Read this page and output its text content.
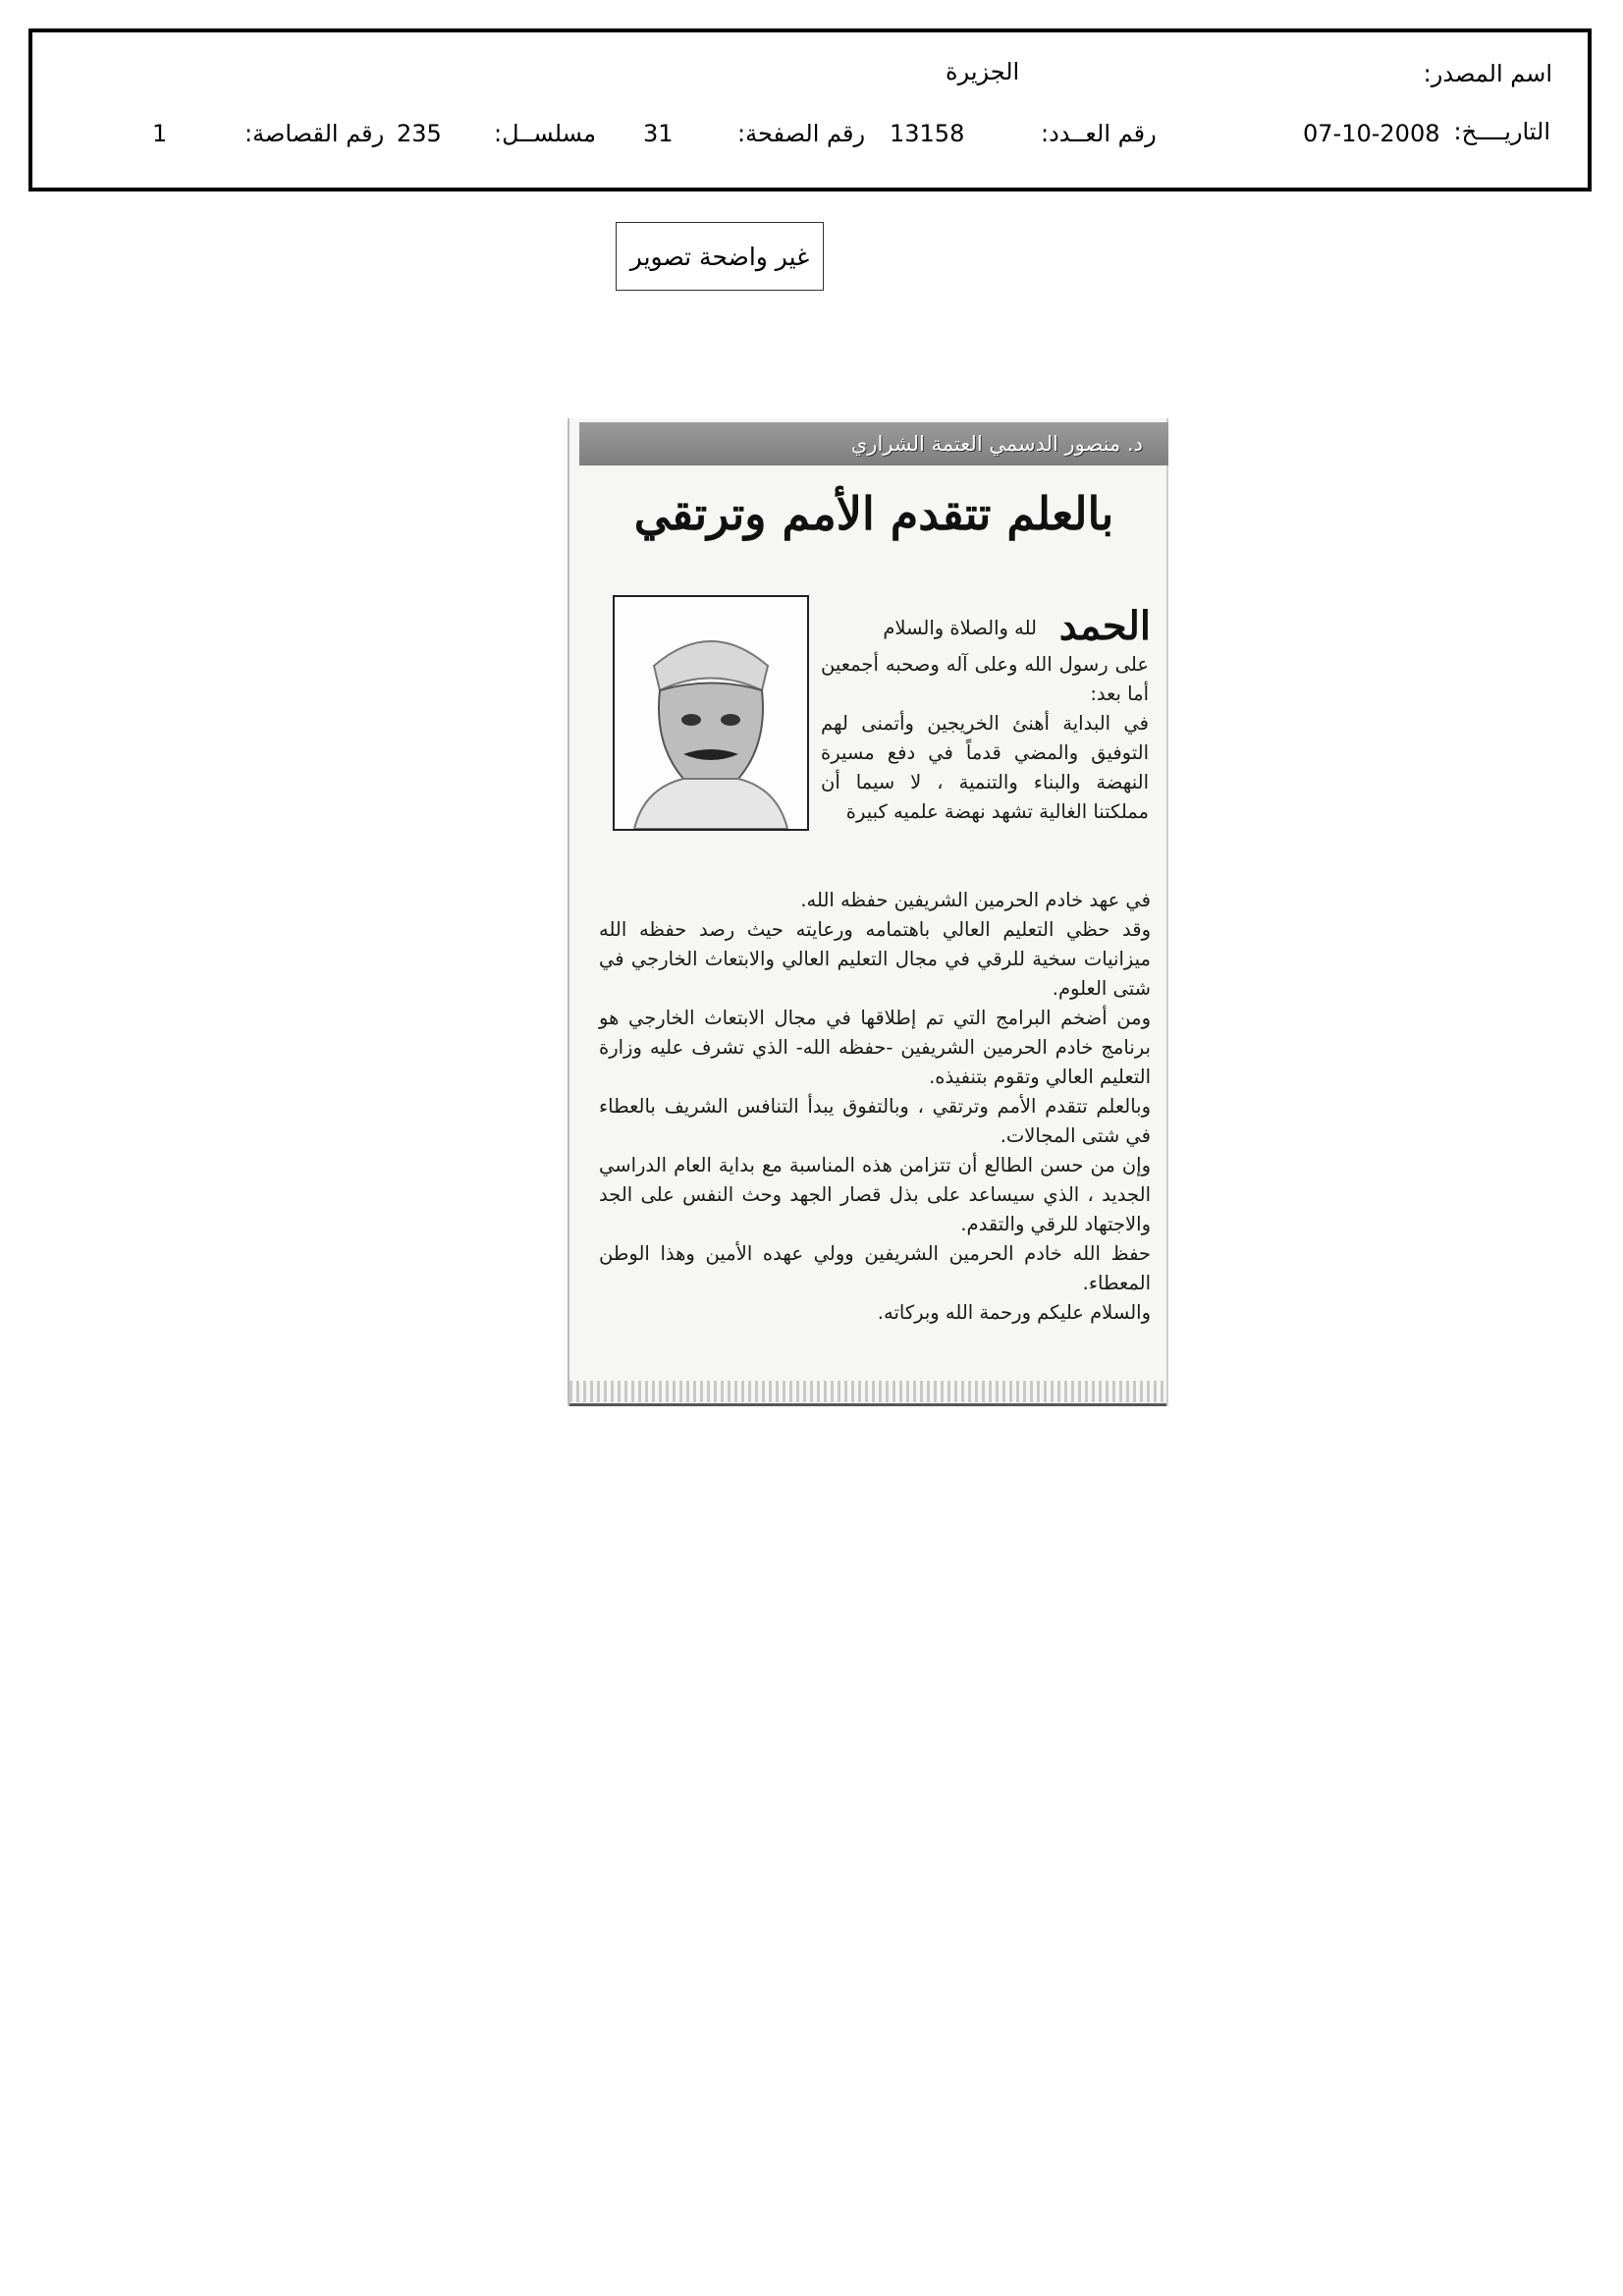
اسم المصدر:
الجزيرة
التاريــــخ:
07-10-2008
رقم العــدد:
13158
رقم الصفحة:
31
مسلســل:
235
رقم القصاصة:
1
غير واضحة تصوير
د. منصور الدسمي العتمة الشراري
بالعلم تتقدم الأمم وترتقي
الحمد
لله والصلاة والسلام

على رسول الله وعلى آله وصحبه أجمعين أما بعد:

في البداية أهنئ الخريجين وأتمنى لهم التوفيق والمضي قدماً في دفع مسيرة النهضة والبناء والتنمية ، لا سيما أن مملكتنا الغالية تشهد نهضة علميه كبيرة

في عهد خادم الحرمين الشريفين حفظه الله.

وقد حظي التعليم العالي باهتمامه ورعايته حيث رصد حفظه الله ميزانيات سخية للرقي في مجال التعليم العالي والابتعاث الخارجي في شتى العلوم.

ومن أضخم البرامج التي تم إطلاقها في مجال الابتعاث الخارجي هو برنامج خادم الحرمين الشريفين -حفظه الله- الذي تشرف عليه وزارة التعليم العالي وتقوم بتنفيذه.

وبالعلم تتقدم الأمم وترتقي ، وبالتفوق يبدأ التنافس الشريف بالعطاء في شتى المجالات.

وإن من حسن الطالع أن تتزامن هذه المناسبة مع بداية العام الدراسي الجديد ، الذي سيساعد على بذل قصار الجهد وحث النفس على الجد والاجتهاد للرقي والتقدم.

حفظ الله خادم الحرمين الشريفين وولي عهده الأمين وهذا الوطن المعطاء.

والسلام عليكم ورحمة الله وبركاته.
